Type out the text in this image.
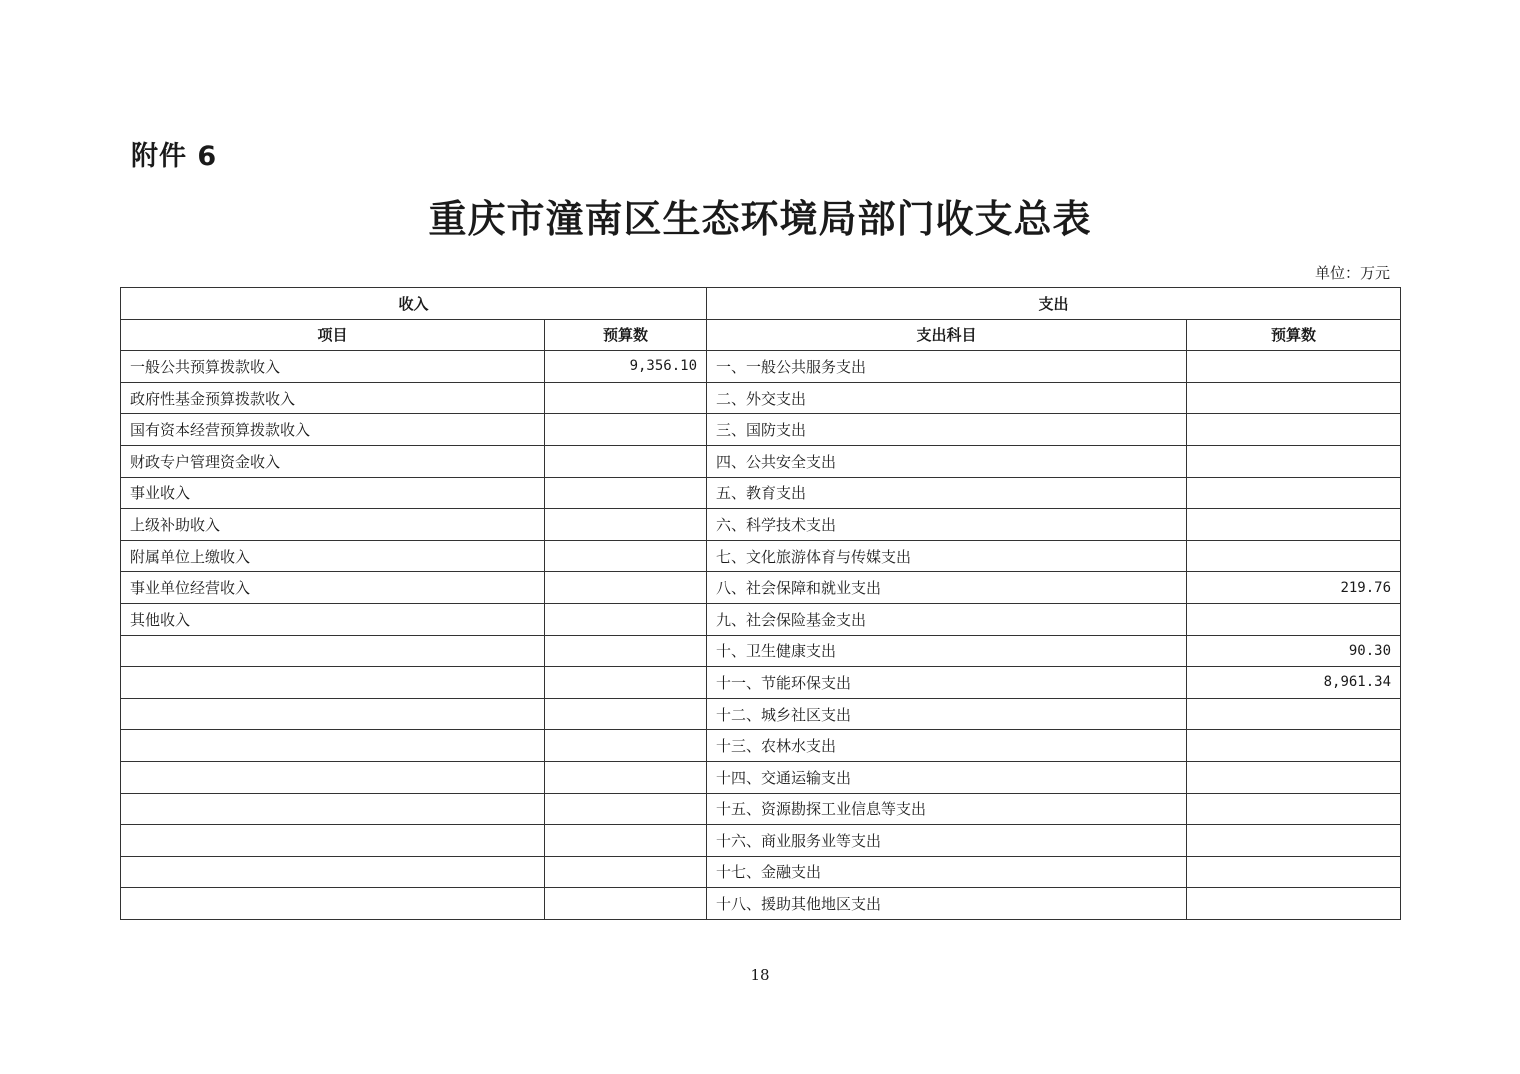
附件 6
重庆市潼南区生态环境局部门收支总表
单位：万元
收入		支出	
项目	预算数	支出科目	预算数
一般公共预算拨款收入	9,356.10	一、一般公共服务支出	
政府性基金预算拨款收入		二、外交支出	
国有资本经营预算拨款收入		三、国防支出	
财政专户管理资金收入		四、公共安全支出	
事业收入		五、教育支出	
上级补助收入		六、科学技术支出	
附属单位上缴收入		七、文化旅游体育与传媒支出	
事业单位经营收入		八、社会保障和就业支出	219.76
其他收入		九、社会保险基金支出	
		十、卫生健康支出	90.30
		十一、节能环保支出	8,961.34
		十二、城乡社区支出	
		十三、农林水支出	
		十四、交通运输支出	
		十五、资源勘探工业信息等支出	
		十六、商业服务业等支出	
		十七、金融支出	
		十八、援助其他地区支出	
18
